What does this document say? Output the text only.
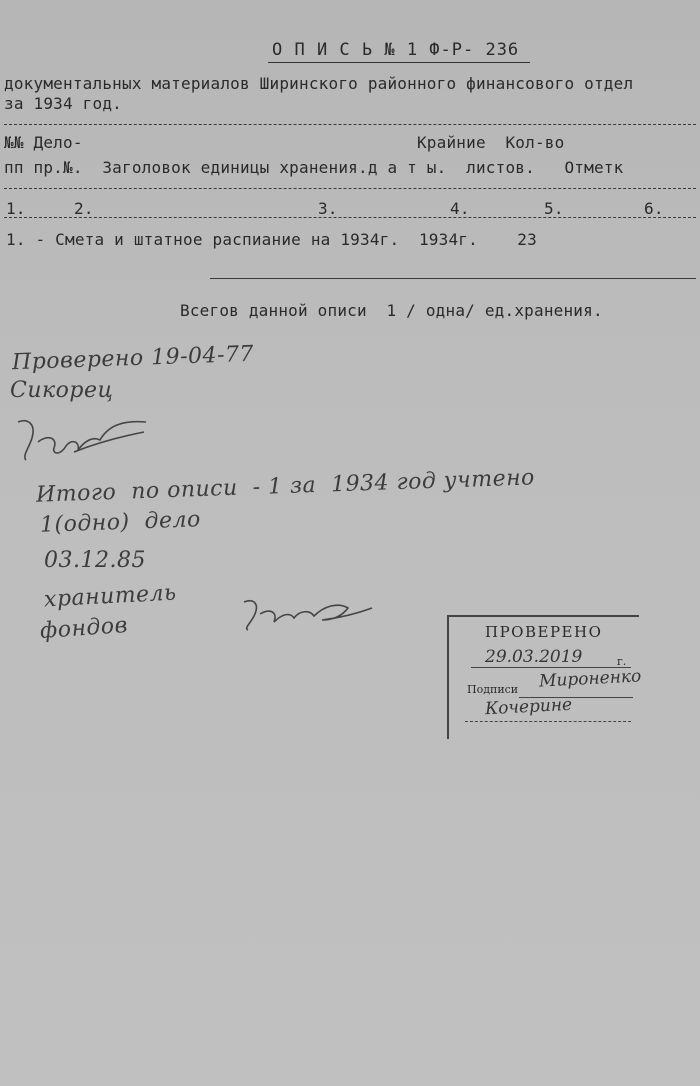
О П И С Ь № 1 Ф-Р- 236
документальных материалов Ширинского районного финансового отдел
за 1934 год.
№№ Дело-                                  Крайние  Кол-во
пп пр.№.  Заголовок единицы хранения.д а т ы.  листов.   Отметк
1.	2.	3.	4.	5.	6.
1. - Смета и штатное распиание на 1934г.  1934г.    23
Всегов данной описи  1 / одна/ ед.хранения.
Проверено 19-04-77
Сикорец
Итого  по описи  - 1 за  1934 год учтено
1(одно)  дело
03.12.85
хранитель
фондов	ПРОВЕРЕНО
29.03.2019	г.
Подписи Мироненко
Кочерине
